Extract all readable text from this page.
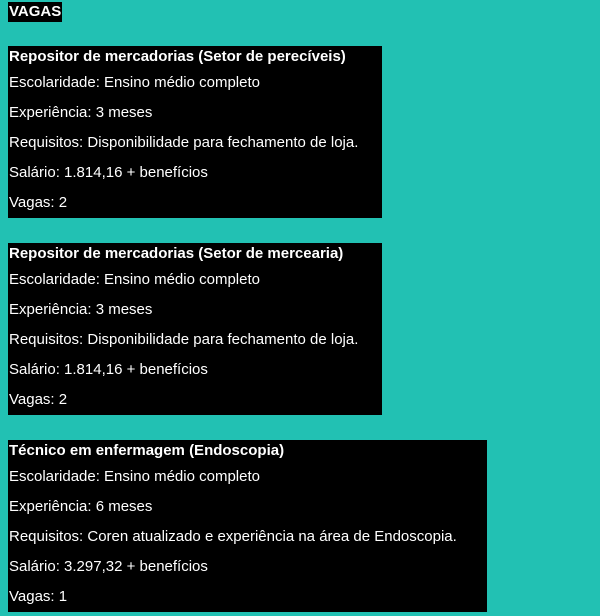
VAGAS
Repositor de mercadorias (Setor de perecíveis)
Escolaridade: Ensino médio completo
Experiência: 3 meses
Requisitos: Disponibilidade para fechamento de loja.
Salário: 1.814,16 + benefícios
Vagas: 2
Repositor de mercadorias (Setor de mercearia)
Escolaridade: Ensino médio completo
Experiência: 3 meses
Requisitos: Disponibilidade para fechamento de loja.
Salário: 1.814,16 + benefícios
Vagas: 2
Técnico em enfermagem (Endoscopia)
Escolaridade: Ensino médio completo
Experiência: 6 meses
Requisitos: Coren atualizado e experiência na área de Endoscopia.
Salário: 3.297,32 + benefícios
Vagas: 1
